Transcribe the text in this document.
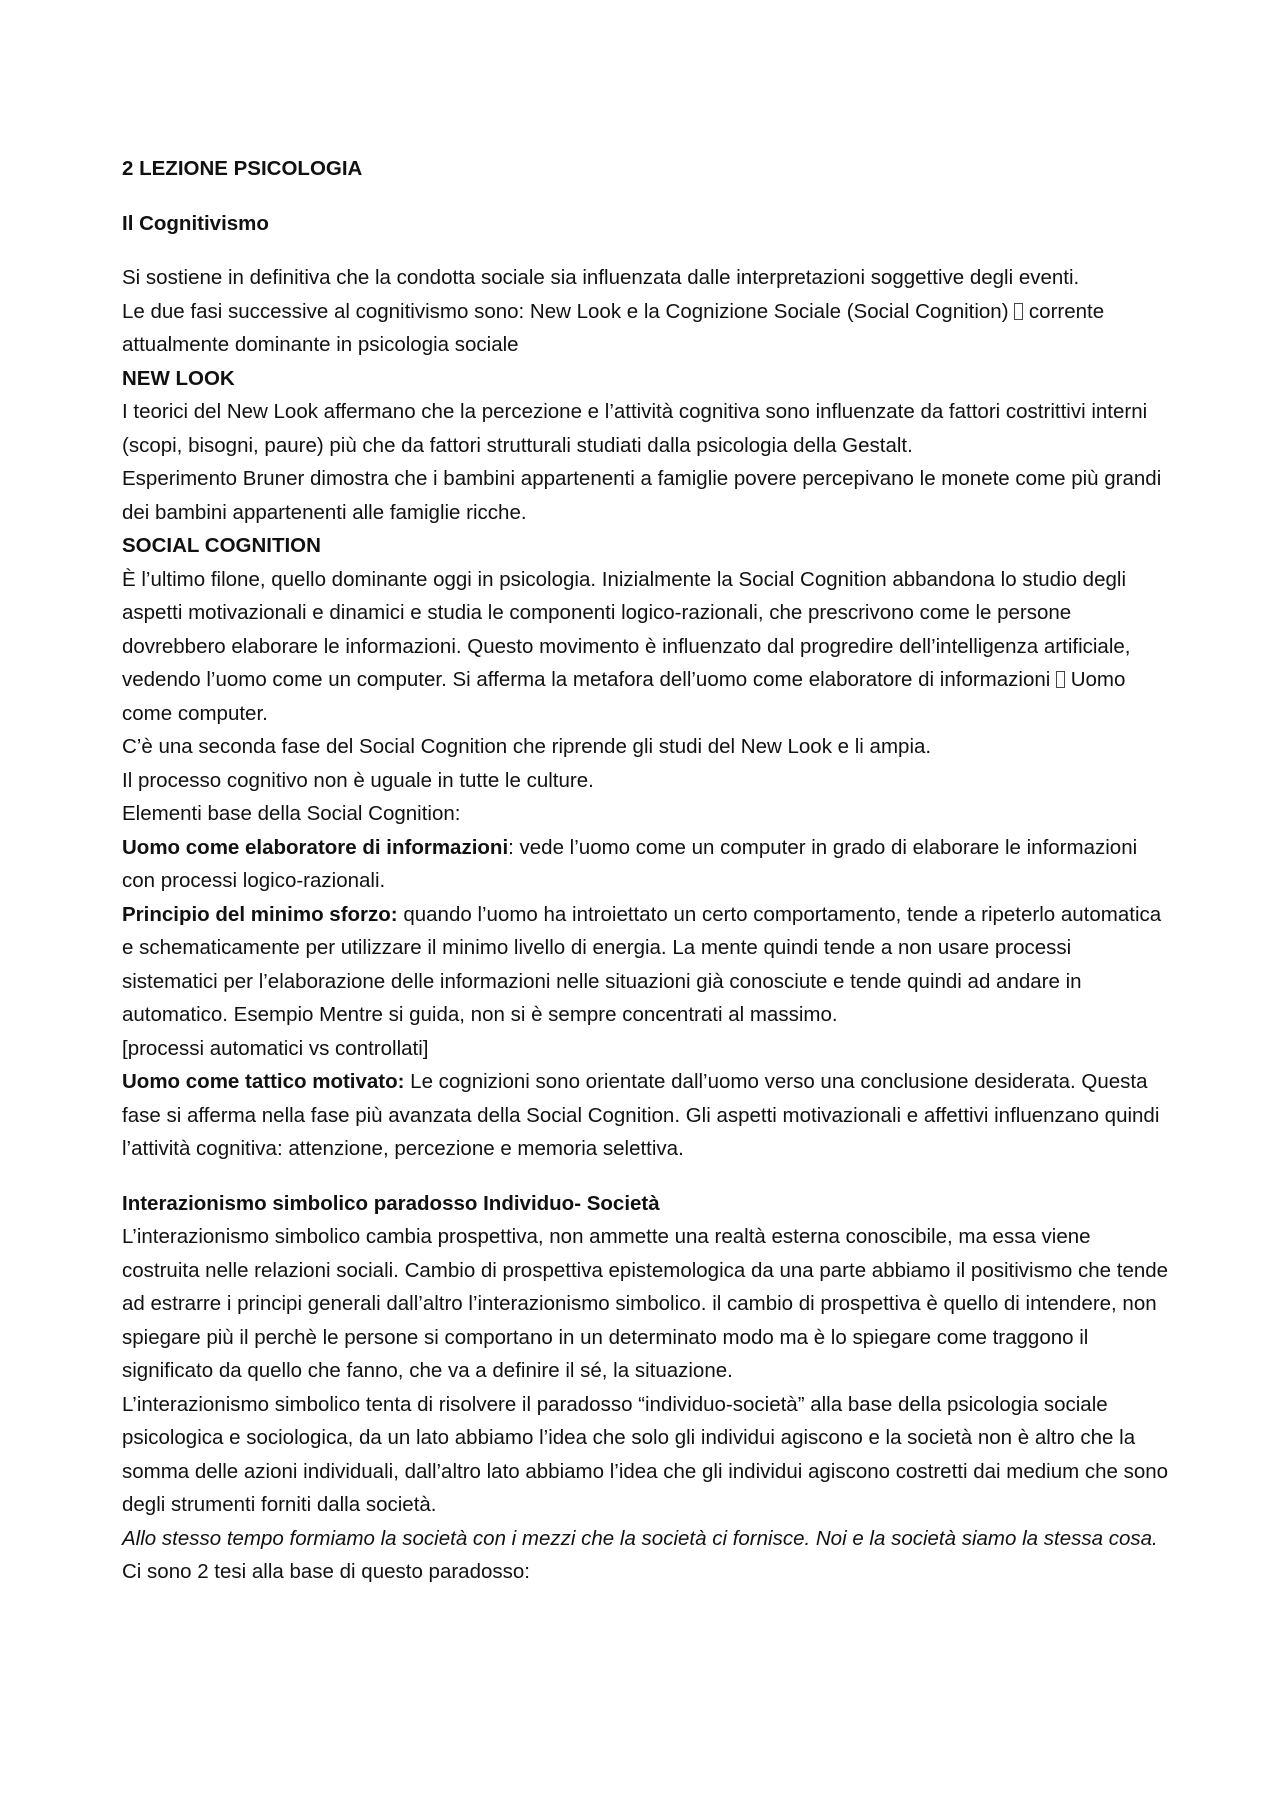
2 LEZIONE PSICOLOGIA

Il Cognitivismo

Si sostiene in definitiva che la condotta sociale sia influenzata dalle interpretazioni soggettive degli eventi.

Le due fasi successive al cognitivismo sono: New Look e la Cognizione Sociale (Social Cognition)  corrente attualmente dominante in psicologia sociale

NEW LOOK

I teorici del New Look affermano che la percezione e l’attività cognitiva sono influenzate da fattori costrittivi interni (scopi, bisogni, paure) più che da fattori strutturali studiati dalla psicologia della Gestalt.

Esperimento Bruner dimostra che i bambini appartenenti a famiglie povere percepivano le monete come più grandi dei bambini appartenenti alle famiglie ricche.

SOCIAL COGNITION

È l’ultimo filone, quello dominante oggi in psicologia. Inizialmente la Social Cognition abbandona lo studio degli aspetti motivazionali e dinamici e studia le componenti logico-razionali, che prescrivono come le persone dovrebbero elaborare le informazioni. Questo movimento è influenzato dal progredire dell’intelligenza artificiale, vedendo l’uomo come un computer. Si afferma la metafora dell’uomo come elaboratore di informazioni  Uomo come computer.

C’è una seconda fase del Social Cognition che riprende gli studi del New Look e li ampia.

Il processo cognitivo non è uguale in tutte le culture.

Elementi base della Social Cognition:

Uomo come elaboratore di informazioni: vede l’uomo come un computer in grado di elaborare le informazioni con processi logico-razionali.

Principio del minimo sforzo: quando l’uomo ha introiettato un certo comportamento, tende a ripeterlo automatica e schematicamente per utilizzare il minimo livello di energia. La mente quindi tende a non usare processi sistematici per l’elaborazione delle informazioni nelle situazioni già conosciute e tende quindi ad andare in automatico. Esempio Mentre si guida, non si è sempre concentrati al massimo.

[processi automatici vs controllati]

Uomo come tattico motivato: Le cognizioni sono orientate dall’uomo verso una conclusione desiderata. Questa fase si afferma nella fase più avanzata della Social Cognition. Gli aspetti motivazionali e affettivi influenzano quindi l’attività cognitiva: attenzione, percezione e memoria selettiva.

Interazionismo simbolico paradosso Individuo- Società

L’interazionismo simbolico cambia prospettiva, non ammette una realtà esterna conoscibile, ma essa viene costruita nelle relazioni sociali. Cambio di prospettiva epistemologica da una parte abbiamo il positivismo che tende ad estrarre i principi generali dall’altro l’interazionismo simbolico. il cambio di prospettiva è quello di intendere, non spiegare più il perchè le persone si comportano in un determinato modo ma è lo spiegare come traggono il significato da quello che fanno, che va a definire il sé, la situazione.

L’interazionismo simbolico tenta di risolvere il paradosso “individuo-società” alla base della psicologia sociale psicologica e sociologica, da un lato abbiamo l’idea che solo gli individui agiscono e la società non è altro che la somma delle azioni individuali, dall’altro lato abbiamo l’idea che gli individui agiscono costretti dai medium che sono degli strumenti forniti dalla società.

Allo stesso tempo formiamo la società con i mezzi che la società ci fornisce. Noi e la società siamo la stessa cosa. Ci sono 2 tesi alla base di questo paradosso:
